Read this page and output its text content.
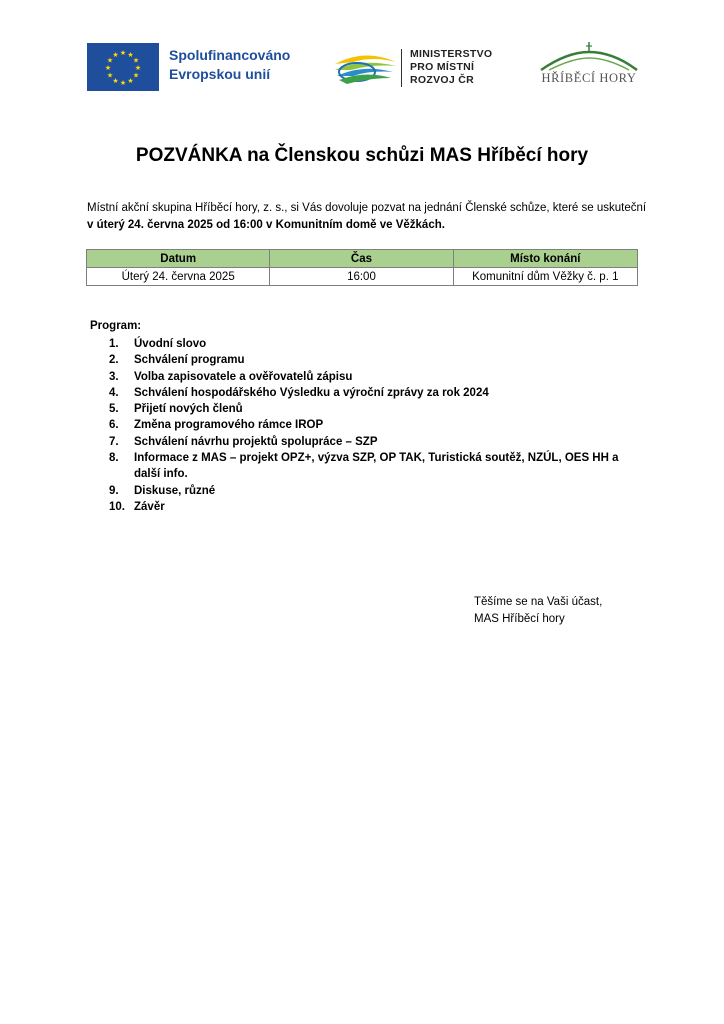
★ ★
★
★
★
★
★
★
★
★
★
★	Spolufinancováno
Evropskou unií
MINISTERSTVO
PRO MÍSTNÍ
ROZVOJ ČR	HŘÍBĚCÍ HORY
POZVÁNKA na Členskou schůzi MAS Hříběcí hory
Místní akční skupina Hříběcí hory, z. s., si Vás dovoluje pozvat na jednání Členské schůze, které se uskuteční v úterý 24. června 2025 od 16:00 v Komunitním domě ve Věžkách.
Datum	Čas	Místo konání
Úterý 24. června 2025	16:00	Komunitní dům Věžky č. p. 1
Program:
1.	Úvodní slovo
2.	Schválení programu
3.	Volba zapisovatele a ověřovatelů zápisu
4.	Schválení hospodářského Výsledku a výroční zprávy za rok 2024
5.	Přijetí nových členů
6.	Změna programového rámce IROP
7.	Schválení návrhu projektů spolupráce – SZP
8.	Informace z MAS – projekt OPZ+, výzva SZP, OP TAK, Turistická soutěž, NZÚL, OES HH a další info.
9.	Diskuse, různé
10. Závěr
Těšíme se na Vaši účast,
MAS Hříběcí hory
